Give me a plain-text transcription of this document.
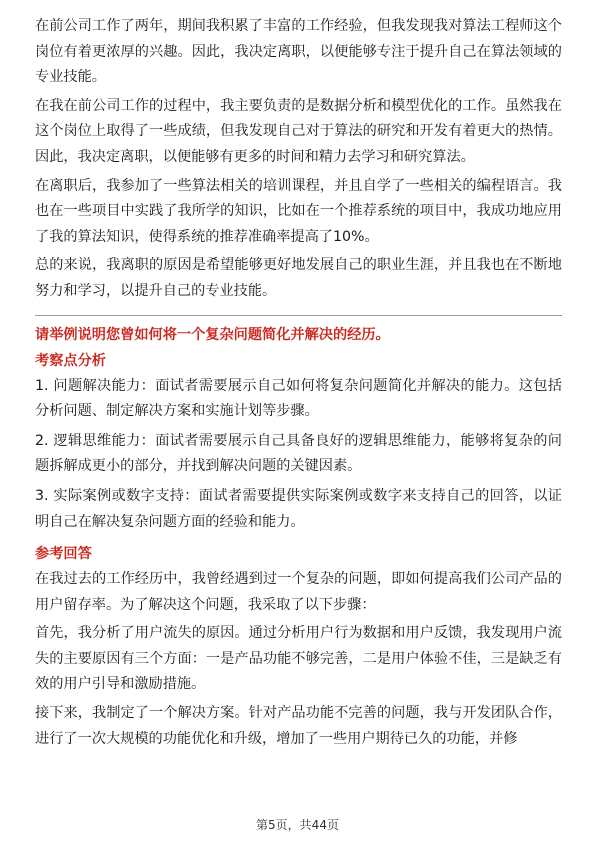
在前公司工作了两年，期间我积累了丰富的工作经验，但我发现我对算法工程师这个岗位有着更浓厚的兴趣。因此，我决定离职，以便能够专注于提升自己在算法领域的专业技能。

在我在前公司工作的过程中，我主要负责的是数据分析和模型优化的工作。虽然我在这个岗位上取得了一些成绩，但我发现自己对于算法的研究和开发有着更大的热情。因此，我决定离职，以便能够有更多的时间和精力去学习和研究算法。

在离职后，我参加了一些算法相关的培训课程，并且自学了一些相关的编程语言。我也在一些项目中实践了我所学的知识，比如在一个推荐系统的项目中，我成功地应用了我的算法知识，使得系统的推荐准确率提高了10%。

总的来说，我离职的原因是希望能够更好地发展自己的职业生涯，并且我也在不断地努力和学习，以提升自己的专业技能。

请举例说明您曾如何将一个复杂问题简化并解决的经历。

考察点分析

1. 问题解决能力：面试者需要展示自己如何将复杂问题简化并解决的能力。这包括分析问题、制定解决方案和实施计划等步骤。

2. 逻辑思维能力：面试者需要展示自己具备良好的逻辑思维能力，能够将复杂的问题拆解成更小的部分，并找到解决问题的关键因素。

3. 实际案例或数字支持：面试者需要提供实际案例或数字来支持自己的回答，以证明自己在解决复杂问题方面的经验和能力。

参考回答

在我过去的工作经历中，我曾经遇到过一个复杂的问题，即如何提高我们公司产品的用户留存率。为了解决这个问题，我采取了以下步骤：

首先，我分析了用户流失的原因。通过分析用户行为数据和用户反馈，我发现用户流失的主要原因有三个方面：一是产品功能不够完善，二是用户体验不佳，三是缺乏有效的用户引导和激励措施。

接下来，我制定了一个解决方案。针对产品功能不完善的问题，我与开发团队合作，进行了一次大规模的功能优化和升级，增加了一些用户期待已久的功能，并修

第5页，共44页
